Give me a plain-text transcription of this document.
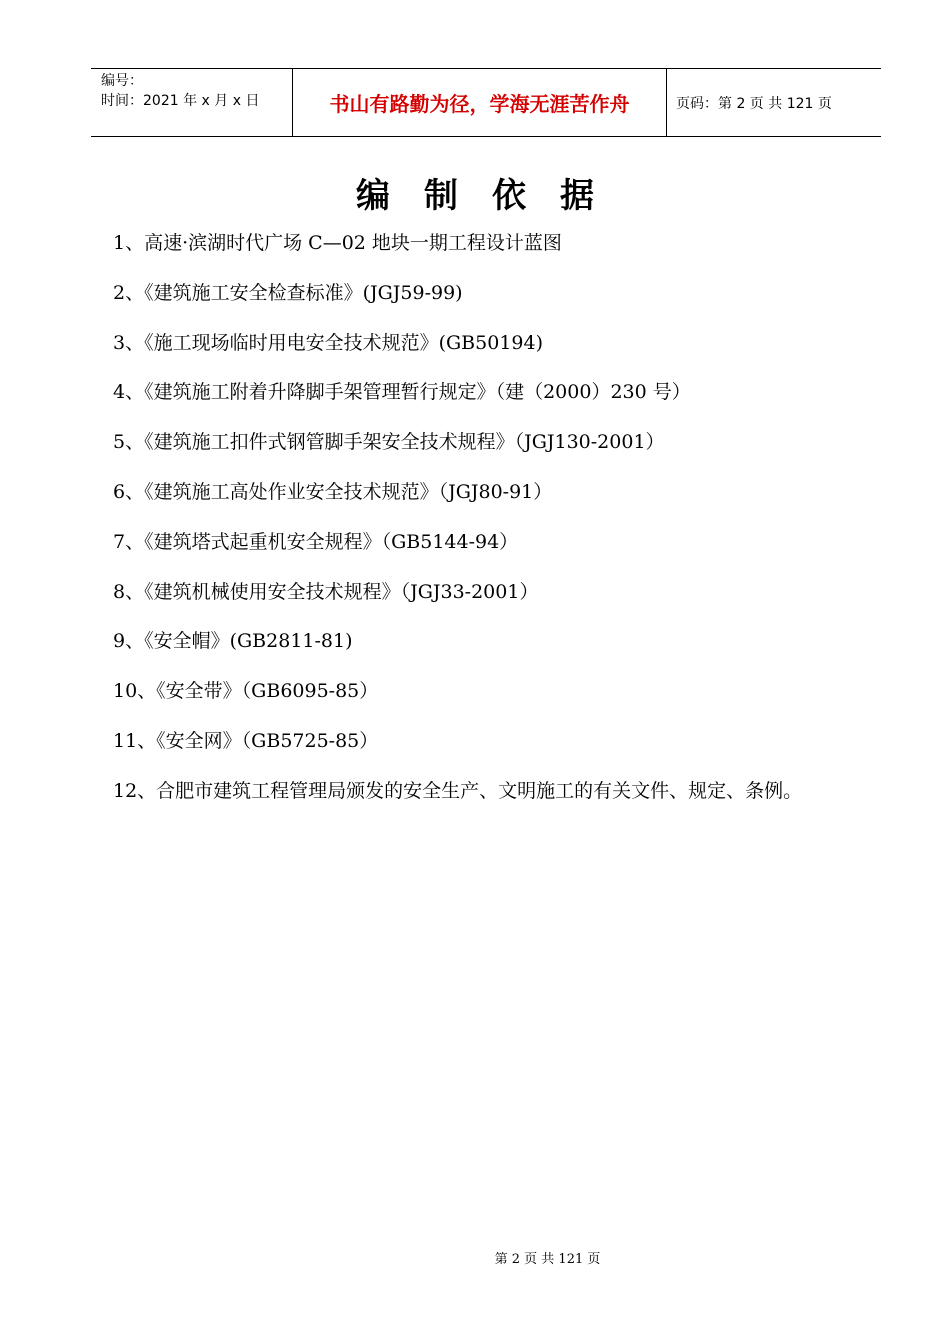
编号：
时间：2021 年 x 月 x 日	书山有路勤为径，学海无涯苦作舟	页码：第 2 页 共 121 页
编制依据
1、高速·滨湖时代广场 C—02 地块一期工程设计蓝图
2、《建筑施工安全检查标准》(JGJ59-99)
3、《施工现场临时用电安全技术规范》(GB50194)
4、《建筑施工附着升降脚手架管理暂行规定》（建（2000）230 号）
5、《建筑施工扣件式钢管脚手架安全技术规程》（JGJ130-2001）
6、《建筑施工高处作业安全技术规范》（JGJ80-91）
7、《建筑塔式起重机安全规程》（GB5144-94）
8、《建筑机械使用安全技术规程》（JGJ33-2001）
9、《安全帽》(GB2811-81)
10、《安全带》（GB6095-85）
11、《安全网》（GB5725-85）
12、合肥市建筑工程管理局颁发的安全生产、文明施工的有关文件、规定、条例。
第 2 页 共 121 页
